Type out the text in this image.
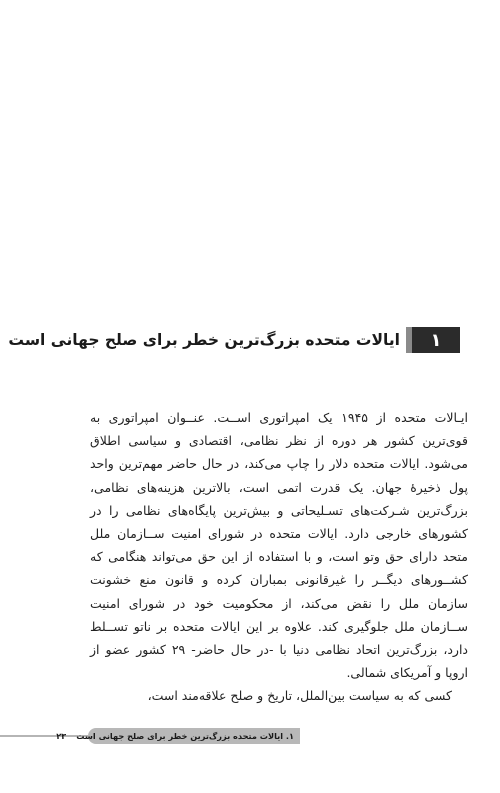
۱
ایالات متحده بزرگ‌ترین خطر برای صلح جهانی است

ایـالات متحده از ۱۹۴۵ یک امپراتوری اســت. عنــوان امپراتوری به قوی‌ترین کشور هر دوره از نظر نظامی، اقتصادی و سیاسی اطلاق می‌شود. ایالات متحده دلار را چاپ می‌کند، در حال حاضر مهم‌ترین واحد پول ذخیرهٔ جهان. یک قدرت اتمی است، بالاترین هزینه‌های نظامی، بزرگ‌ترین شـرکت‌های تسـلیحاتی و بیش‌ترین پایگاه‌های نظامی را در کشورهای خارجی دارد. ایالات متحده در شورای امنیت ســازمان ملل متحد دارای حق وتو است، و با استفاده از این حق می‌تواند هنگامی که کشــورهای دیگــر را غیرقانونی بمباران کرده و قانون منع خشونت سازمان ملل را نقض می‌کند، از محکومیت خود در شورای امنیت ســازمان ملل جلوگیری کند. علاوه بر این ایالات متحده بر ناتو تســلط دارد، بزرگ‌ترین اتحاد نظامی دنیا با -در حال حاضر- ۲۹ کشور عضو از اروپا و آمریکای شمالی.

کسی که به سیاست بین‌الملل، تاریخ و صلح علاقه‌مند است،

۱. ایالات متحده بزرگ‌ترین خطر برای صلح جهانی است
۲۳
